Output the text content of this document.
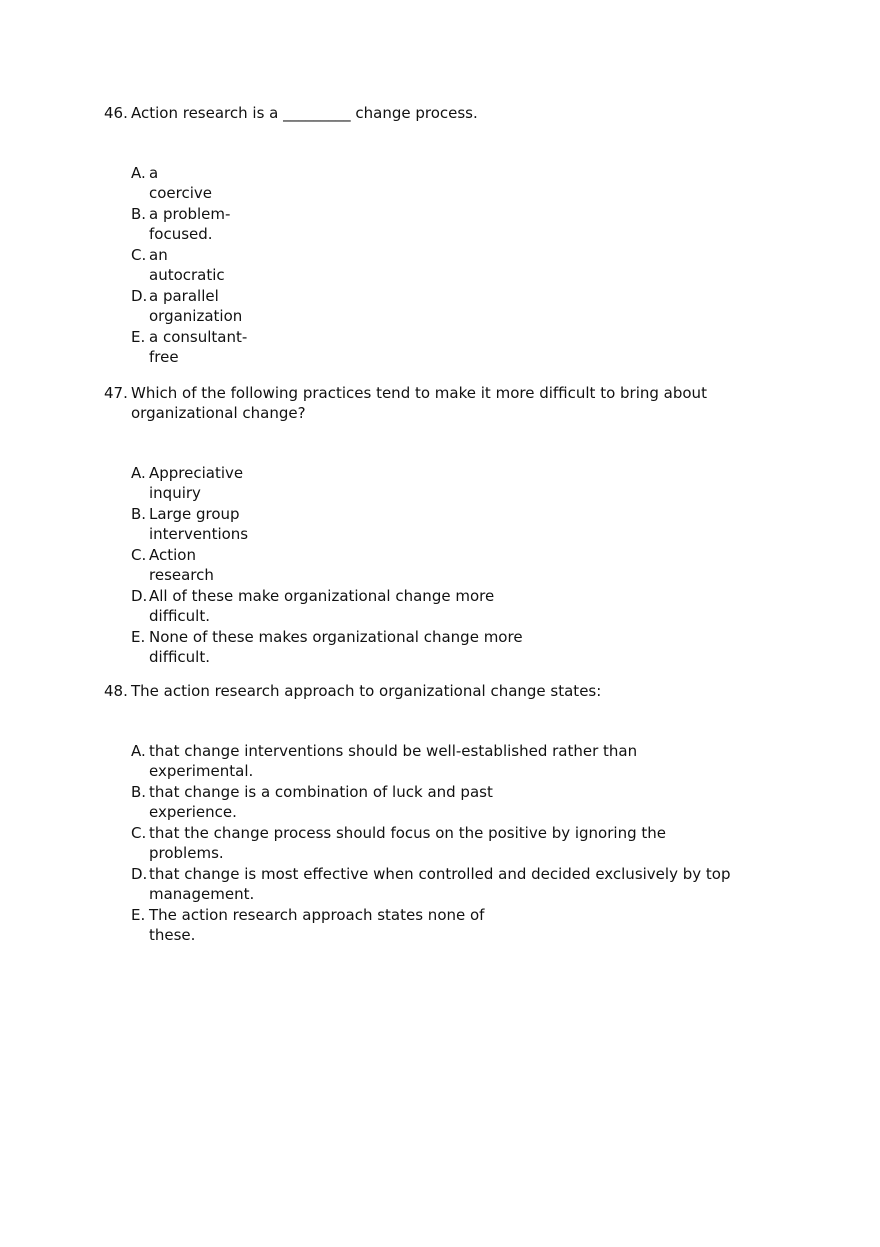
46. Action research is a _________ change process.
A. a
coercive
B. a problem-
focused.
C. an
autocratic
D. a parallel
organization
E. a consultant-
free
47. Which of the following practices tend to make it more difﬁcult to bring about organizational change?
A. Appreciative
inquiry
B. Large group
interventions
C. Action
research
D. All of these make organizational change more
difﬁcult.
E. None of these makes organizational change more
difﬁcult.
48. The action research approach to organizational change states:
A. that change interventions should be well-established rather than
experimental.
B. that change is a combination of luck and past
experience.
C. that the change process should focus on the positive by ignoring the
problems.
D. that change is most effective when controlled and decided exclusively by top
management.
E. The action research approach states none of
these.
